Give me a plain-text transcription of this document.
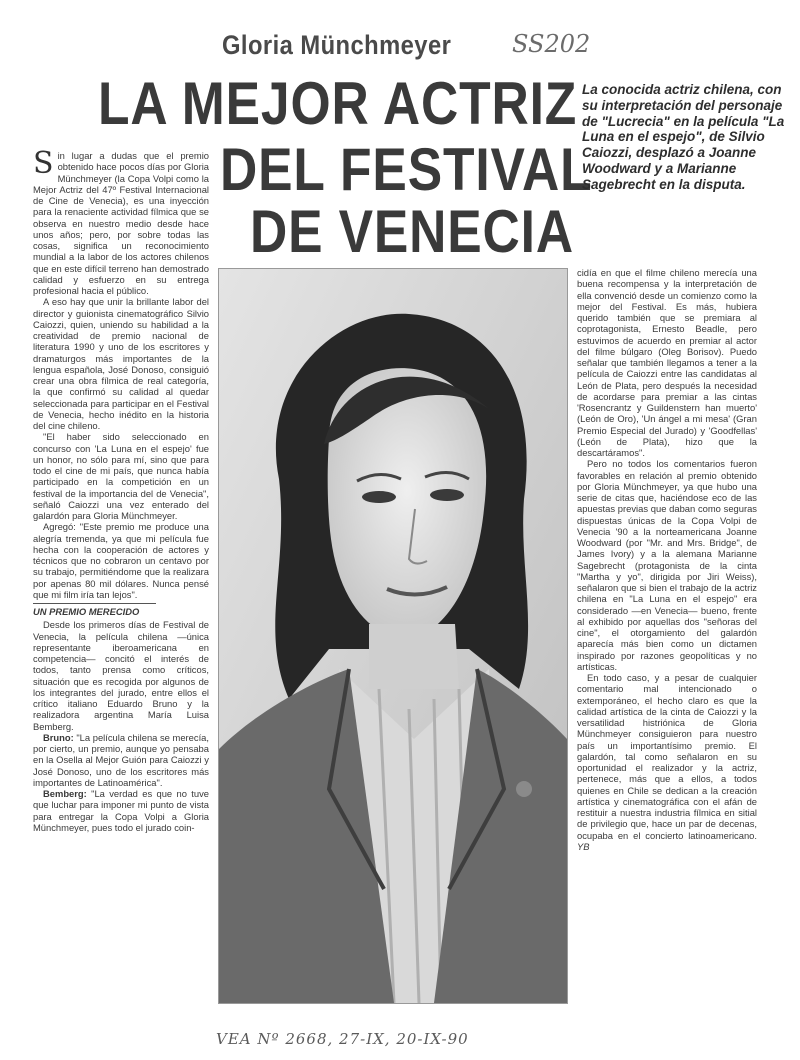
Gloria Münchmeyer	SS202
LA MEJOR ACTRIZ
DEL FESTIVAL
DE VENECIA
La conocida actriz chilena, con su interpretación del personaje de "Lucrecia" en la película "La Luna en el espejo", de Silvio Caiozzi, desplazó a Joanne Woodward y a Marianne Sagebrecht en la disputa.

Sin lugar a dudas que el premio obtenido hace pocos días por Gloria Münchmeyer (la Copa Volpi como la Mejor Actriz del 47º Festival Internacional de Cine de Venecia), es una inyección para la renaciente actividad fílmica que se observa en nuestro medio desde hace unos años; pero, por sobre todas las cosas, significa un reconocimiento mundial a la labor de los actores chilenos que en este difícil terreno han demostrado calidad y esfuerzo en su entrega profesional hacia el público.

A eso hay que unir la brillante labor del director y guionista cinematográfico Silvio Caiozzi, quien, uniendo su habilidad a la creatividad de premio nacional de literatura 1990 y uno de los escritores y dramaturgos más importantes de la lengua española, José Donoso, consiguió crear una obra fílmica de real categoría, la que confirmó su calidad al quedar seleccionada para participar en el Festival de Venecia, hecho inédito en la historia del cine chileno.

"El haber sido seleccionado en concurso con 'La Luna en el espejo' fue un honor, no sólo para mí, sino que para todo el cine de mi país, que nunca había participado en la competición en un festival de la importancia del de Venecia", señaló Caiozzi una vez enterado del galardón para Gloria Münchmeyer.

Agregó: "Este premio me produce una alegría tremenda, ya que mi película fue hecha con la cooperación de actores y técnicos que no cobraron un centavo por su trabajo, permitiéndome que la realizara por apenas 80 mil dólares. Nunca pensé que mi film iría tan lejos".

UN PREMIO MERECIDO

Desde los primeros días de Festival de Venecia, la película chilena —única representante iberoamericana en competencia— concitó el interés de todos, tanto prensa como críticos, situación que es recogida por algunos de los integrantes del jurado, entre ellos el crítico italiano Eduardo Bruno y la realizadora argentina María Luisa Bemberg.

Bruno: "La película chilena se merecía, por cierto, un premio, aunque yo pensaba en la Osella al Mejor Guión para Caiozzi y José Donoso, uno de los escritores más importantes de Latinoamérica".

Bemberg: "La verdad es que no tuve que luchar para imponer mi punto de vista para entregar la Copa Volpi a Gloria Münchmeyer, pues todo el jurado coin-

cidía en que el filme chileno merecía una buena recompensa y la interpretación de ella convenció desde un comienzo como la mejor del Festival. Es más, hubiera querido también que se premiara al coprotagonista, Ernesto Beadle, pero estuvimos de acuerdo en premiar al actor del filme búlgaro (Oleg Borisov). Puedo señalar que también llegamos a tener a la película de Caiozzi entre las candidatas al León de Plata, pero después la necesidad de acordarse para premiar a las cintas 'Rosencrantz y Guildenstern han muerto' (León de Oro), 'Un ángel a mi mesa' (Gran Premio Especial del Jurado) y 'Goodfellas' (León de Plata), hizo que la descartáramos".

Pero no todos los comentarios fueron favorables en relación al premio obtenido por Gloria Münchmeyer, ya que hubo una serie de citas que, haciéndose eco de las apuestas previas que daban como seguras dispuestas únicas de la Copa Volpi de Venecia '90 a la norteamericana Joanne Woodward (por "Mr. and Mrs. Bridge", de James Ivory) y a la alemana Marianne Sagebrecht (protagonista de la cinta "Martha y yo", dirigida por Jiri Weiss), señalaron que si bien el trabajo de la actriz chilena en "La Luna en el espejo" era considerado —en Venecia— bueno, frente al exhibido por aquellas dos "señoras del cine", el otorgamiento del galardón aparecía más bien como un dictamen inspirado por razones geopolíticas y no artísticas.

En todo caso, y a pesar de cualquier comentario mal intencionado o extemporáneo, el hecho claro es que la calidad artística de la cinta de Caiozzi y la versatilidad histriónica de Gloria Münchmeyer consiguieron para nuestro país un importantísimo premio. El galardón, tal como señalaron en su oportunidad el realizador y la actriz, pertenece, más que a ellos, a todos quienes en Chile se dedican a la creación artística y cinematográfica con el afán de restituir a nuestra industria fílmica en sitial de privilegio que, hace un par de decenas, ocupaba en el concierto latinoamericano. YB

VEA Nº 2668, 27-IX, 20-IX-90
